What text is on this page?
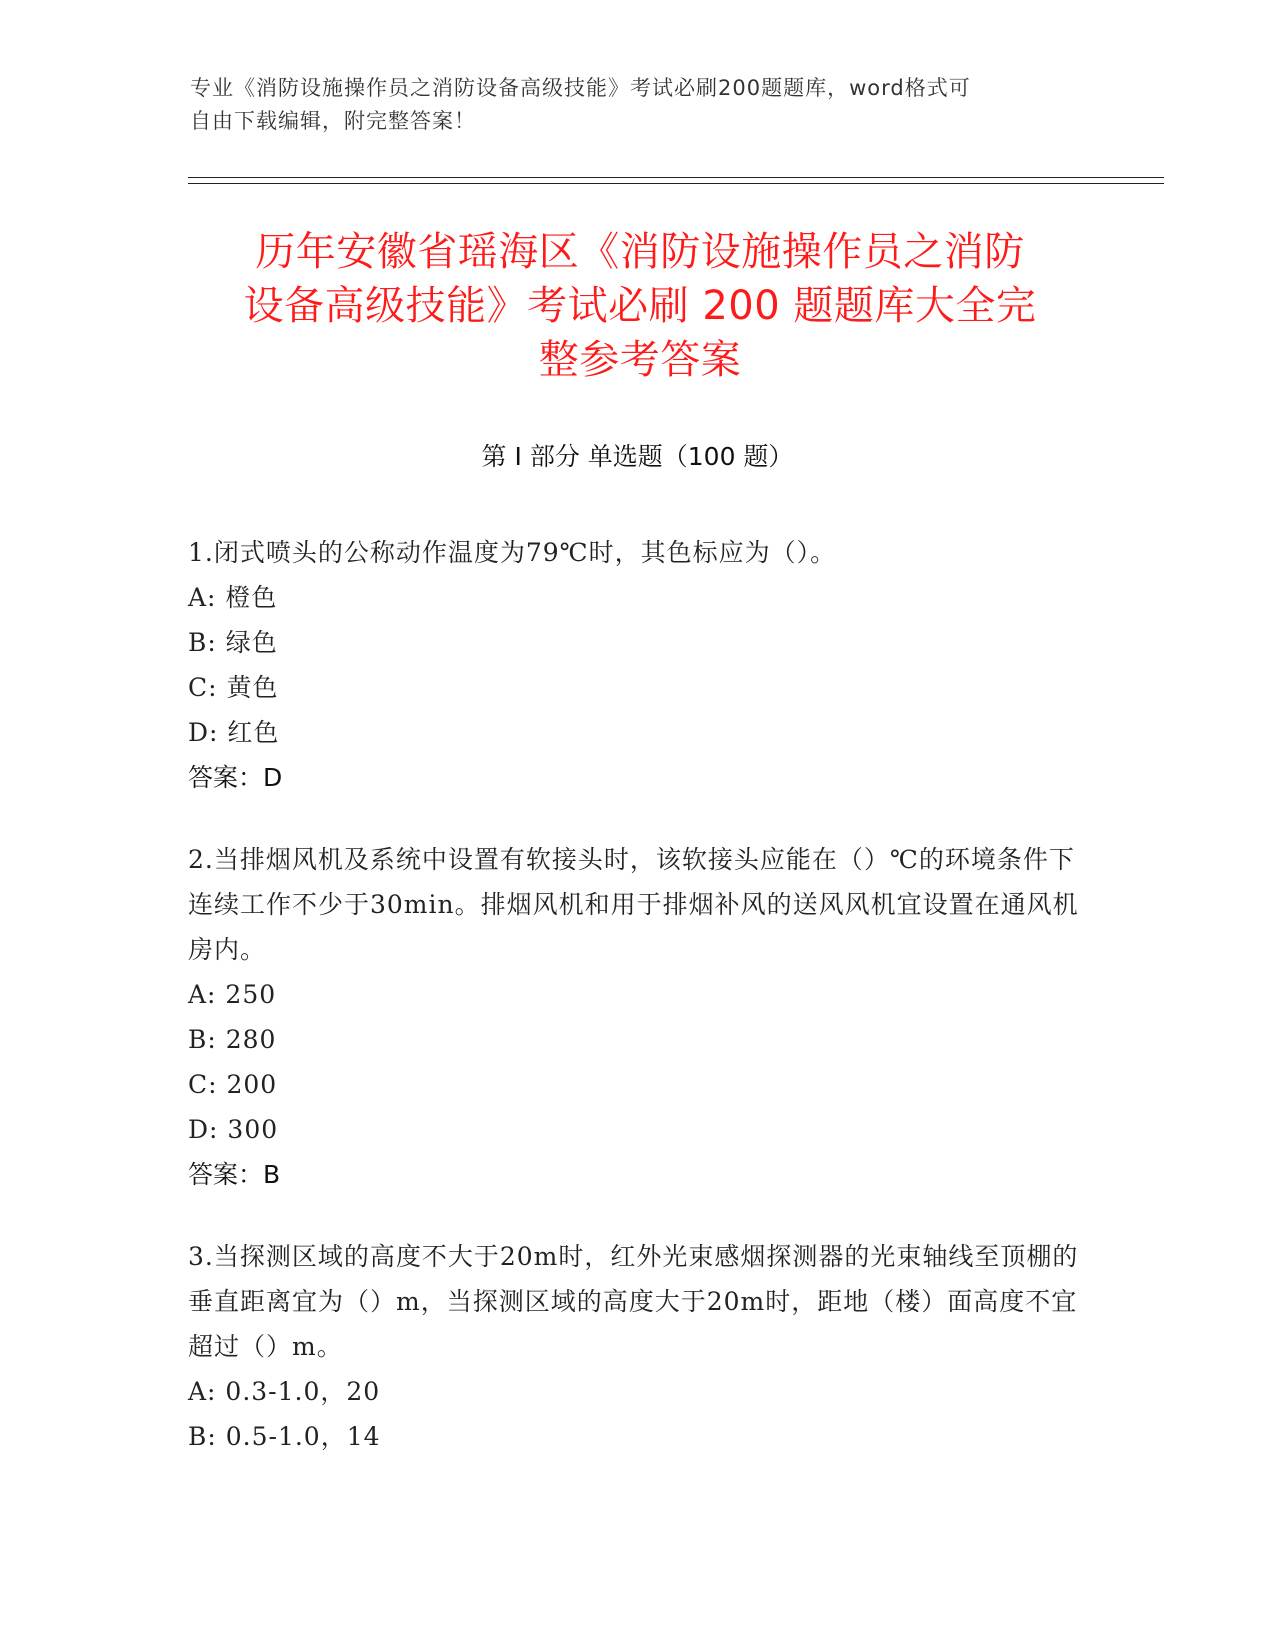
专业《消防设施操作员之消防设备高级技能》考试必刷200题题库，word格式可
自由下载编辑，附完整答案！
历年安徽省瑶海区《消防设施操作员之消防
设备高级技能》考试必刷 200 题题库大全完
整参考答案
第 I 部分 单选题（100 题）

1.闭式喷头的公称动作温度为79℃时，其色标应为（）。

A: 橙色
B: 绿色
C: 黄色
D: 红色
答案：D

2.当排烟风机及系统中设置有软接头时，该软接头应能在（）℃的环境条件下连续工作不少于30min。排烟风机和用于排烟补风的送风风机宜设置在通风机房内。

A: 250
B: 280
C: 200
D: 300
答案：B

3.当探测区域的高度不大于20m时，红外光束感烟探测器的光束轴线至顶棚的垂直距离宜为（）m，当探测区域的高度大于20m时，距地（楼）面高度不宜超过（）m。

A: 0.3-1.0，20
B: 0.5-1.0，14
